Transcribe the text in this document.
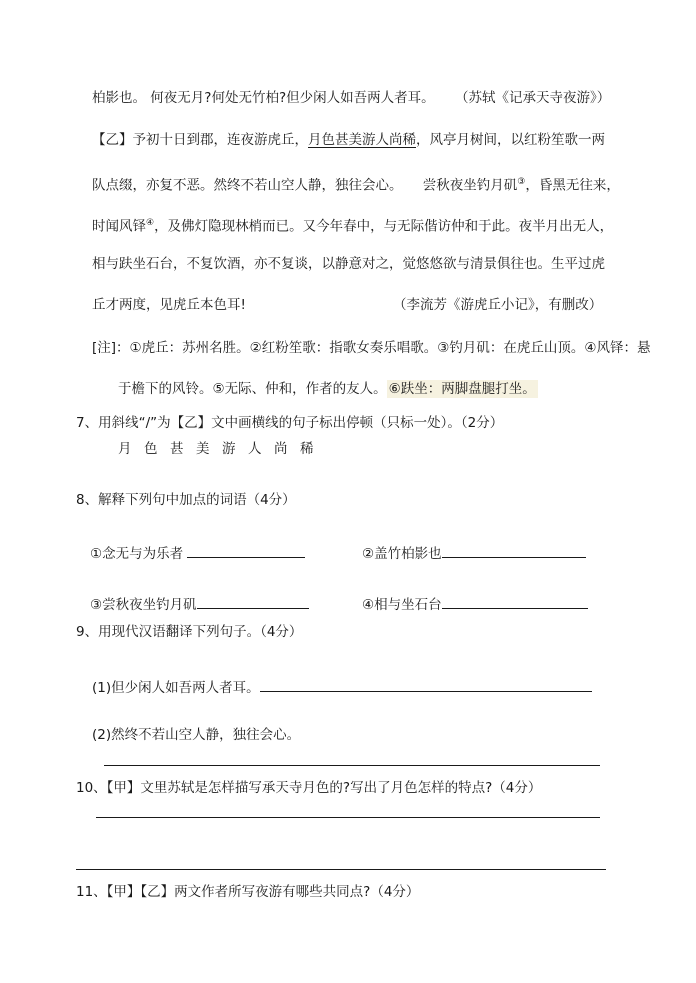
柏影也。 何夜无月?何处无竹柏?但少闲人如吾两人者耳。 （苏轼《记承天寺夜游》）
【乙】予初十日到郡，连夜游虎丘，月色甚美游人尚稀，风亭月树间，以红粉笙歌一两
队点缀，亦复不恶。然终不若山空人静，独往会心。　　尝秋夜坐钓月矶③，昏黑无往来，
时闻风铎④，及佛灯隐现林梢而已。又今年春中，与无际偕访仲和于此。夜半月出无人，
相与趺坐石台，不复饮酒，亦不复谈，以静意对之，觉悠悠欲与清景俱往也。生平过虎
丘才两度，见虎丘本色耳!	（李流芳《游虎丘小记》，有删改）
[注]：①虎丘：苏州名胜。②红粉笙歌：指歌女奏乐唱歌。③钓月矶：在虎丘山顶。④风铎：悬
于檐下的风铃。⑤无际、仲和，作者的友人。 ⑥趺坐：两脚盘腿打坐。
7、用斜线“/”为【乙】文中画横线的句子标出停顿（只标一处）。（2分）
月 色 甚 美 游 人 尚 稀
8、解释下列句中加点的词语（4分）
①念无与为乐者	②盖竹柏影也
③尝秋夜坐钓月矶	④相与坐石台
9、用现代汉语翻译下列句子。（4分）
(1)但少闲人如吾两人者耳。
(2)然终不若山空人静，独往会心。
10、【甲】文里苏轼是怎样描写承天寺月色的?写出了月色怎样的特点?（4分）
11、【甲】【乙】两文作者所写夜游有哪些共同点?（4分）
